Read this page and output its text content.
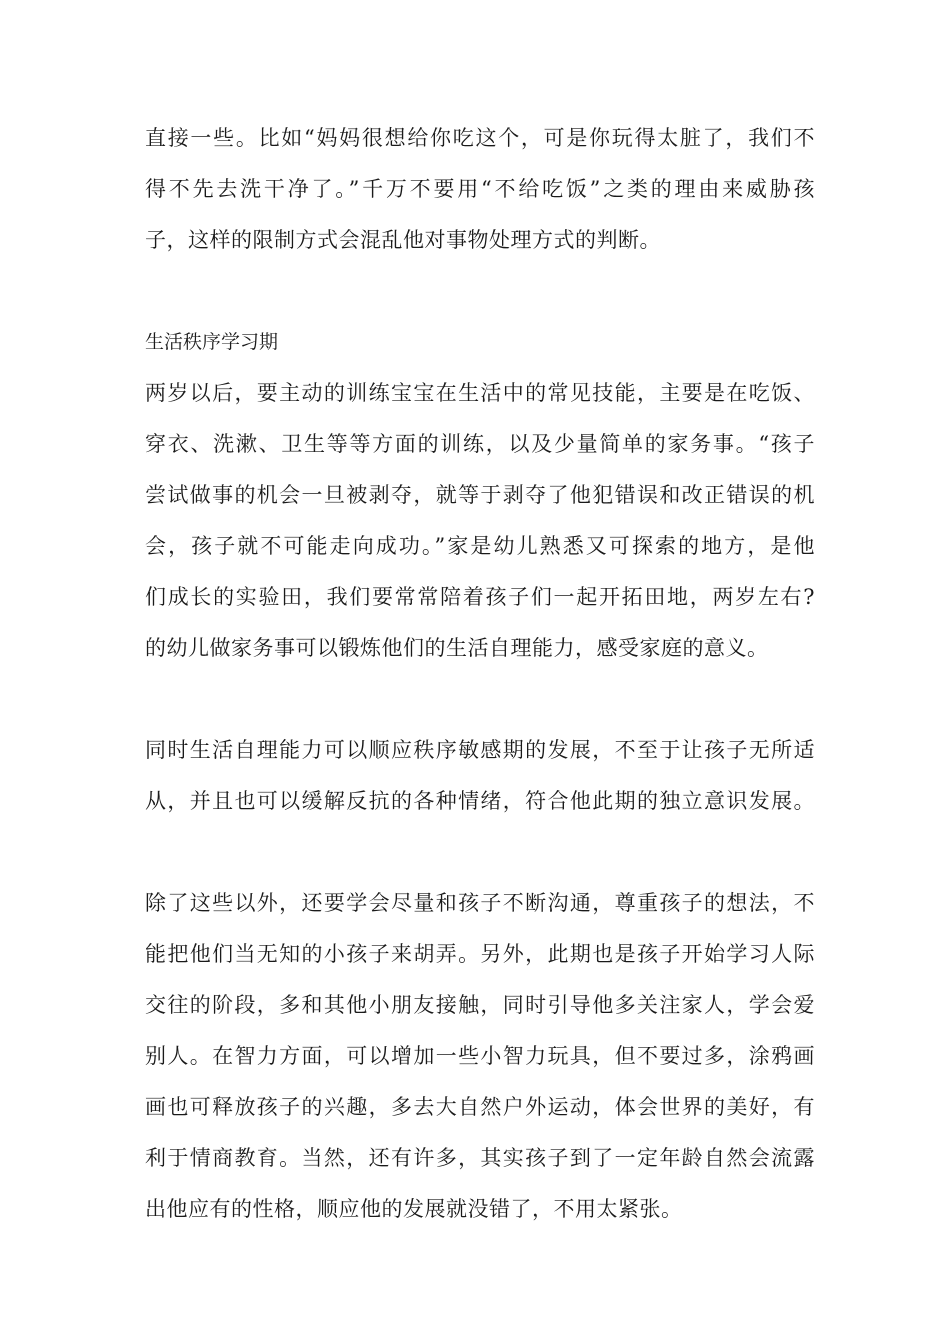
直接一些。比如“妈妈很想给你吃这个，可是你玩得太脏了，我们不
得不先去洗干净了。”千万不要用“不给吃饭”之类的理由来威胁孩
子，这样的限制方式会混乱他对事物处理方式的判断。
生活秩序学习期
两岁以后，要主动的训练宝宝在生活中的常见技能，主要是在吃饭、
穿衣、洗漱、卫生等等方面的训练，以及少量简单的家务事。“孩子
尝试做事的机会一旦被剥夺，就等于剥夺了他犯错误和改正错误的机
会，孩子就不可能走向成功。”家是幼儿熟悉又可探索的地方，是他
们成长的实验田，我们要常常陪着孩子们一起开拓田地，两岁左右?
的幼儿做家务事可以锻炼他们的生活自理能力，感受家庭的意义。
同时生活自理能力可以顺应秩序敏感期的发展，不至于让孩子无所适
从，并且也可以缓解反抗的各种情绪，符合他此期的独立意识发展。
除了这些以外，还要学会尽量和孩子不断沟通，尊重孩子的想法，不
能把他们当无知的小孩子来胡弄。另外，此期也是孩子开始学习人际
交往的阶段，多和其他小朋友接触，同时引导他多关注家人，学会爱
别人。在智力方面，可以增加一些小智力玩具，但不要过多，涂鸦画
画也可释放孩子的兴趣，多去大自然户外运动，体会世界的美好，有
利于情商教育。当然，还有许多，其实孩子到了一定年龄自然会流露
出他应有的性格，顺应他的发展就没错了，不用太紧张。
